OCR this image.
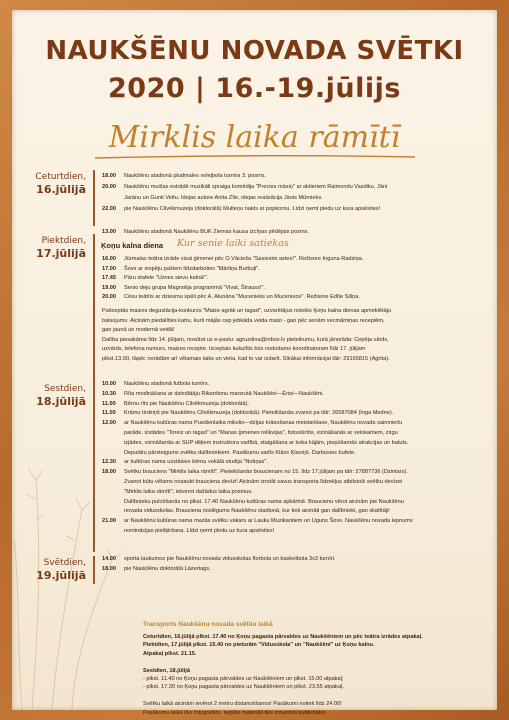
NAUKŠĒNU NOVADA SVĒTKI
2020 | 16.-19.jūlijs
Mirklis laika rāmītī
Ceturtdien,
16.jūlijā
18.00	Naukšēnu stadionā pludmales volejbola turnīra 3. posms.
20.00	Naukšēnu muižas estrādē muzikāli spraiga komēdija "Precies māsiņ" ar aktieriem Raimondu Vazdiku, Jāni
Jarānu un Gunti Veitu. Idejas autore Anita Zīle, idejas realizācija Jānis Mūrnieks.
22.00	pie Naukšēnu Cilvēkmuzeja (doktorātā) Multeņu nakts ar popkornu. Līdzi ņemt pledu uz kura apsēsties!
Piektdien,
17.jūlijā
13.00	Naukšēnu stadionā Naukšēnu BUK Ziemas kausa izcīņas pēdējais posms.
Ķoņu kalna diena Kur senie laiki satiekas
16.00	Jūrmalas teātra izrāde visai ģimenei pēc O.Vācieša "Sasiesim astes!". Režisore Inguna Radziņa.
17.00	Šovs ar iespēju pašiem līdzdarboties "Mārtiņa Burbuļi".
17.45	Pāru stafete "Uznes sievu kalnā!".
19.00	Senio deju grupa Magnolija programmā "Vivat, Štrauss!".
20.00	Cēsu teātris ar dziesmu spēli pēc A. Alunāna "Mucenieks un Muceniece". Režisore Edīte Siliņa.
Pašceptās maizes degustācija-konkurss "Maize agrāk un tagad", uzvarētājus noteiks Ķoņu kalna dienas apmeklētāju
balsojums. Aicinām piedalīties katru, kurš mājās cep jebkāda veida maizi - gan pēc senām vecmāmiņas receptēm,
gan jaunā un modernā veidā!
Dalība piesakāma līdz 14. jūlijam, nosūtot uz e-pastu: agruzdina@inbox.lv pieteikumu, kurā jānorāda: Cepēja vārds,
uzvārds, telefona numurs, maizes recepte. Izceptais kukulītis būs nododams koordinatoram līdz 17. jūlijam
plkst.13.00, tāpēc norādām arī vēlamais laiks un vieta, kad to var izdarīt. Sīkākai informācijai tālr: 29165815 (Agrita).
Sestdien,
18.jūlijā
10.00	Naukšēnu stadionā futbola turnīrs.
10.30	Rīta modināšana ar dziedātāju Rikardionu marsrutā Naukšēni—Ēriņi—Naukšēni.
11.00	Bērnu rīts pie Naukšēnu Cilvēkmuzeja (doktorātā).
11.00	Krāmu tirdziņš pie Naukšēnu Cilvēkmuzeja (doktorātā). Pieteikšanās zvanot pa tālr: 26587084 (Inga Medne).
12.00	ar Naukšēnu kultūras nama Pusdienlaika mikslis—dzījas krāsošanas meistarklase, Naukšēnu novada saimnieču
parāde, izstādes "Toreiz un tagad" un "Manas ģimenes relikvijas", fotostūrītis, vizināšanās ar velokartiem, zirgu
izjādes, vizināšanās ar SUP dēļiem instruktora vadībā, staigāšana ar koka kājām, piepūšamās atrakcijas un batuts.
Deputātu pārsteigums svētku dalībniekiem. Pasākumu vadīs Klāvs Ķlaviņš. Darbosies bufete.
12.30	ar kultūras nama uzstāsies bērnu vokālā studija "Notiņas".
18.00	Svētku brauciens "Mirklis laika rāmītī". Pieteikšanās braucienam no 15. līdz 17.jūlijam pa tālr: 27887736 (Dzintars).
Zvanot būtu vēlams nosaukt brauciena devīzi! Aicinām izrotāt savus transporta līdzekļus atbilstoši svētku devīzei
"Mirklis laika rāmītī", ietverot dažādus laika posmus.
Dalībnieku pulcēšanās no plkst. 17.40 Naukšēnu kultūras nama apkārtnē. Braucienu vērot aicinām pie Naukšēnu
novada vidusskolas. Brauciena noslēgums Naukšēnu stadionā, kur tiek aicināti gan dalībnieki, gan skatītāji!
21.00	ar Naukšēnu kultūras nama mazās svētku vakars ar Lauku Muzikantiem un Uguns Šovs. Naukšēnu novada lepnums
nominācijas piešķiršana. Līdzi ņemt pledu uz kura apsēsties!
Svētdien,
19.jūlijā
14.00	sporta laukumos pie Naukšēnu novada vidusskolas florbola un basketbola 3x3 turnīri.
18.00	pie Naukšēnu doktorātā Lāzertags.
Transports Naukšēnu novada svētku laikā
Ceturtdien, 16.jūlijā plkst. 17.40 no Ķoņu pagasta pārvaldes uz Naukšēniem un pēc teātra izrādes atpakaļ.
Piektdien, 17.jūlijā plkst. 15.40 no pieturām "Vidusskola" un "Naukšēni" uz Ķoņu kalnu.
Atpakaļ plkst. 21.15.
Sestdien, 18.jūlijā
- plkst. 11.40 no Ķoņu pagasta pārvaldes uz Naukšēniem un plkst. 15.00 atpakaļ;
- plkst. 17.30 no Ķoņu pagasta pārvaldes uz Naukšēniem un plkst. 23.55 atpakaļ.
Svētku laikā aicinām ievērot 2 metru distancēšanos! Pasākumi notiek līdz 24.00!
Pasākumu laikā tiks fotografēts. Iegūtie materiāli tiks izmantoti publicitātei.
